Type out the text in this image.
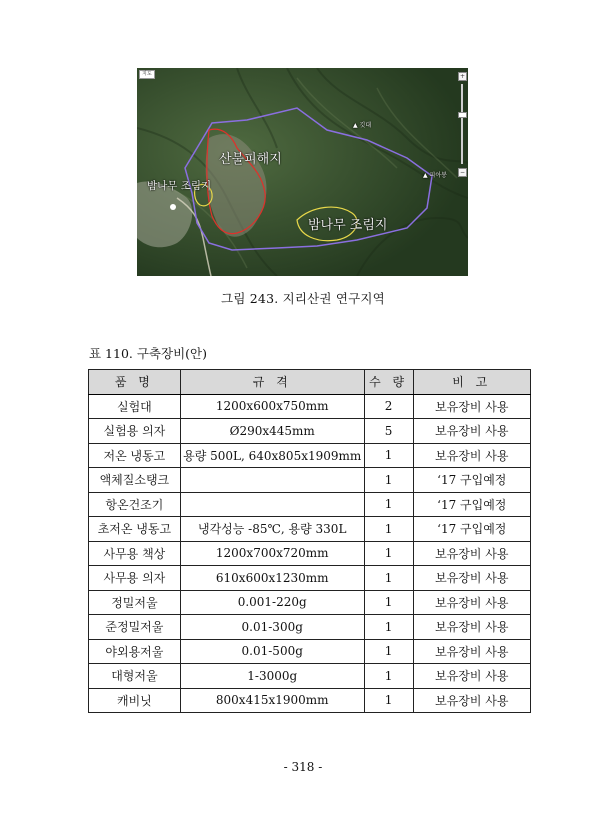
지도	+
−
산불피해지
밤나무 조림지
밤나무 조림지
▲ 깃대
▲ 피아봉
그림 243. 지리산권 연구지역
표 110. 구축장비(안)
품 명	규 격	수 량	비 고
실험대	1200x600x750mm	2	보유장비 사용
실험용 의자	Ø290x445mm	5	보유장비 사용
저온 냉동고	용량 500L, 640x805x1909mm	1	보유장비 사용
액체질소탱크		1	‘17 구입예정
항온건조기		1	‘17 구입예정
초저온 냉동고	냉각성능 -85℃, 용량 330L	1	‘17 구입예정
사무용 책상	1200x700x720mm	1	보유장비 사용
사무용 의자	610x600x1230mm	1	보유장비 사용
정밀저울	0.001-220g	1	보유장비 사용
준정밀저울	0.01-300g	1	보유장비 사용
야외용저울	0.01-500g	1	보유장비 사용
대형저울	1-3000g	1	보유장비 사용
캐비닛	800x415x1900mm	1	보유장비 사용
- 318 -
